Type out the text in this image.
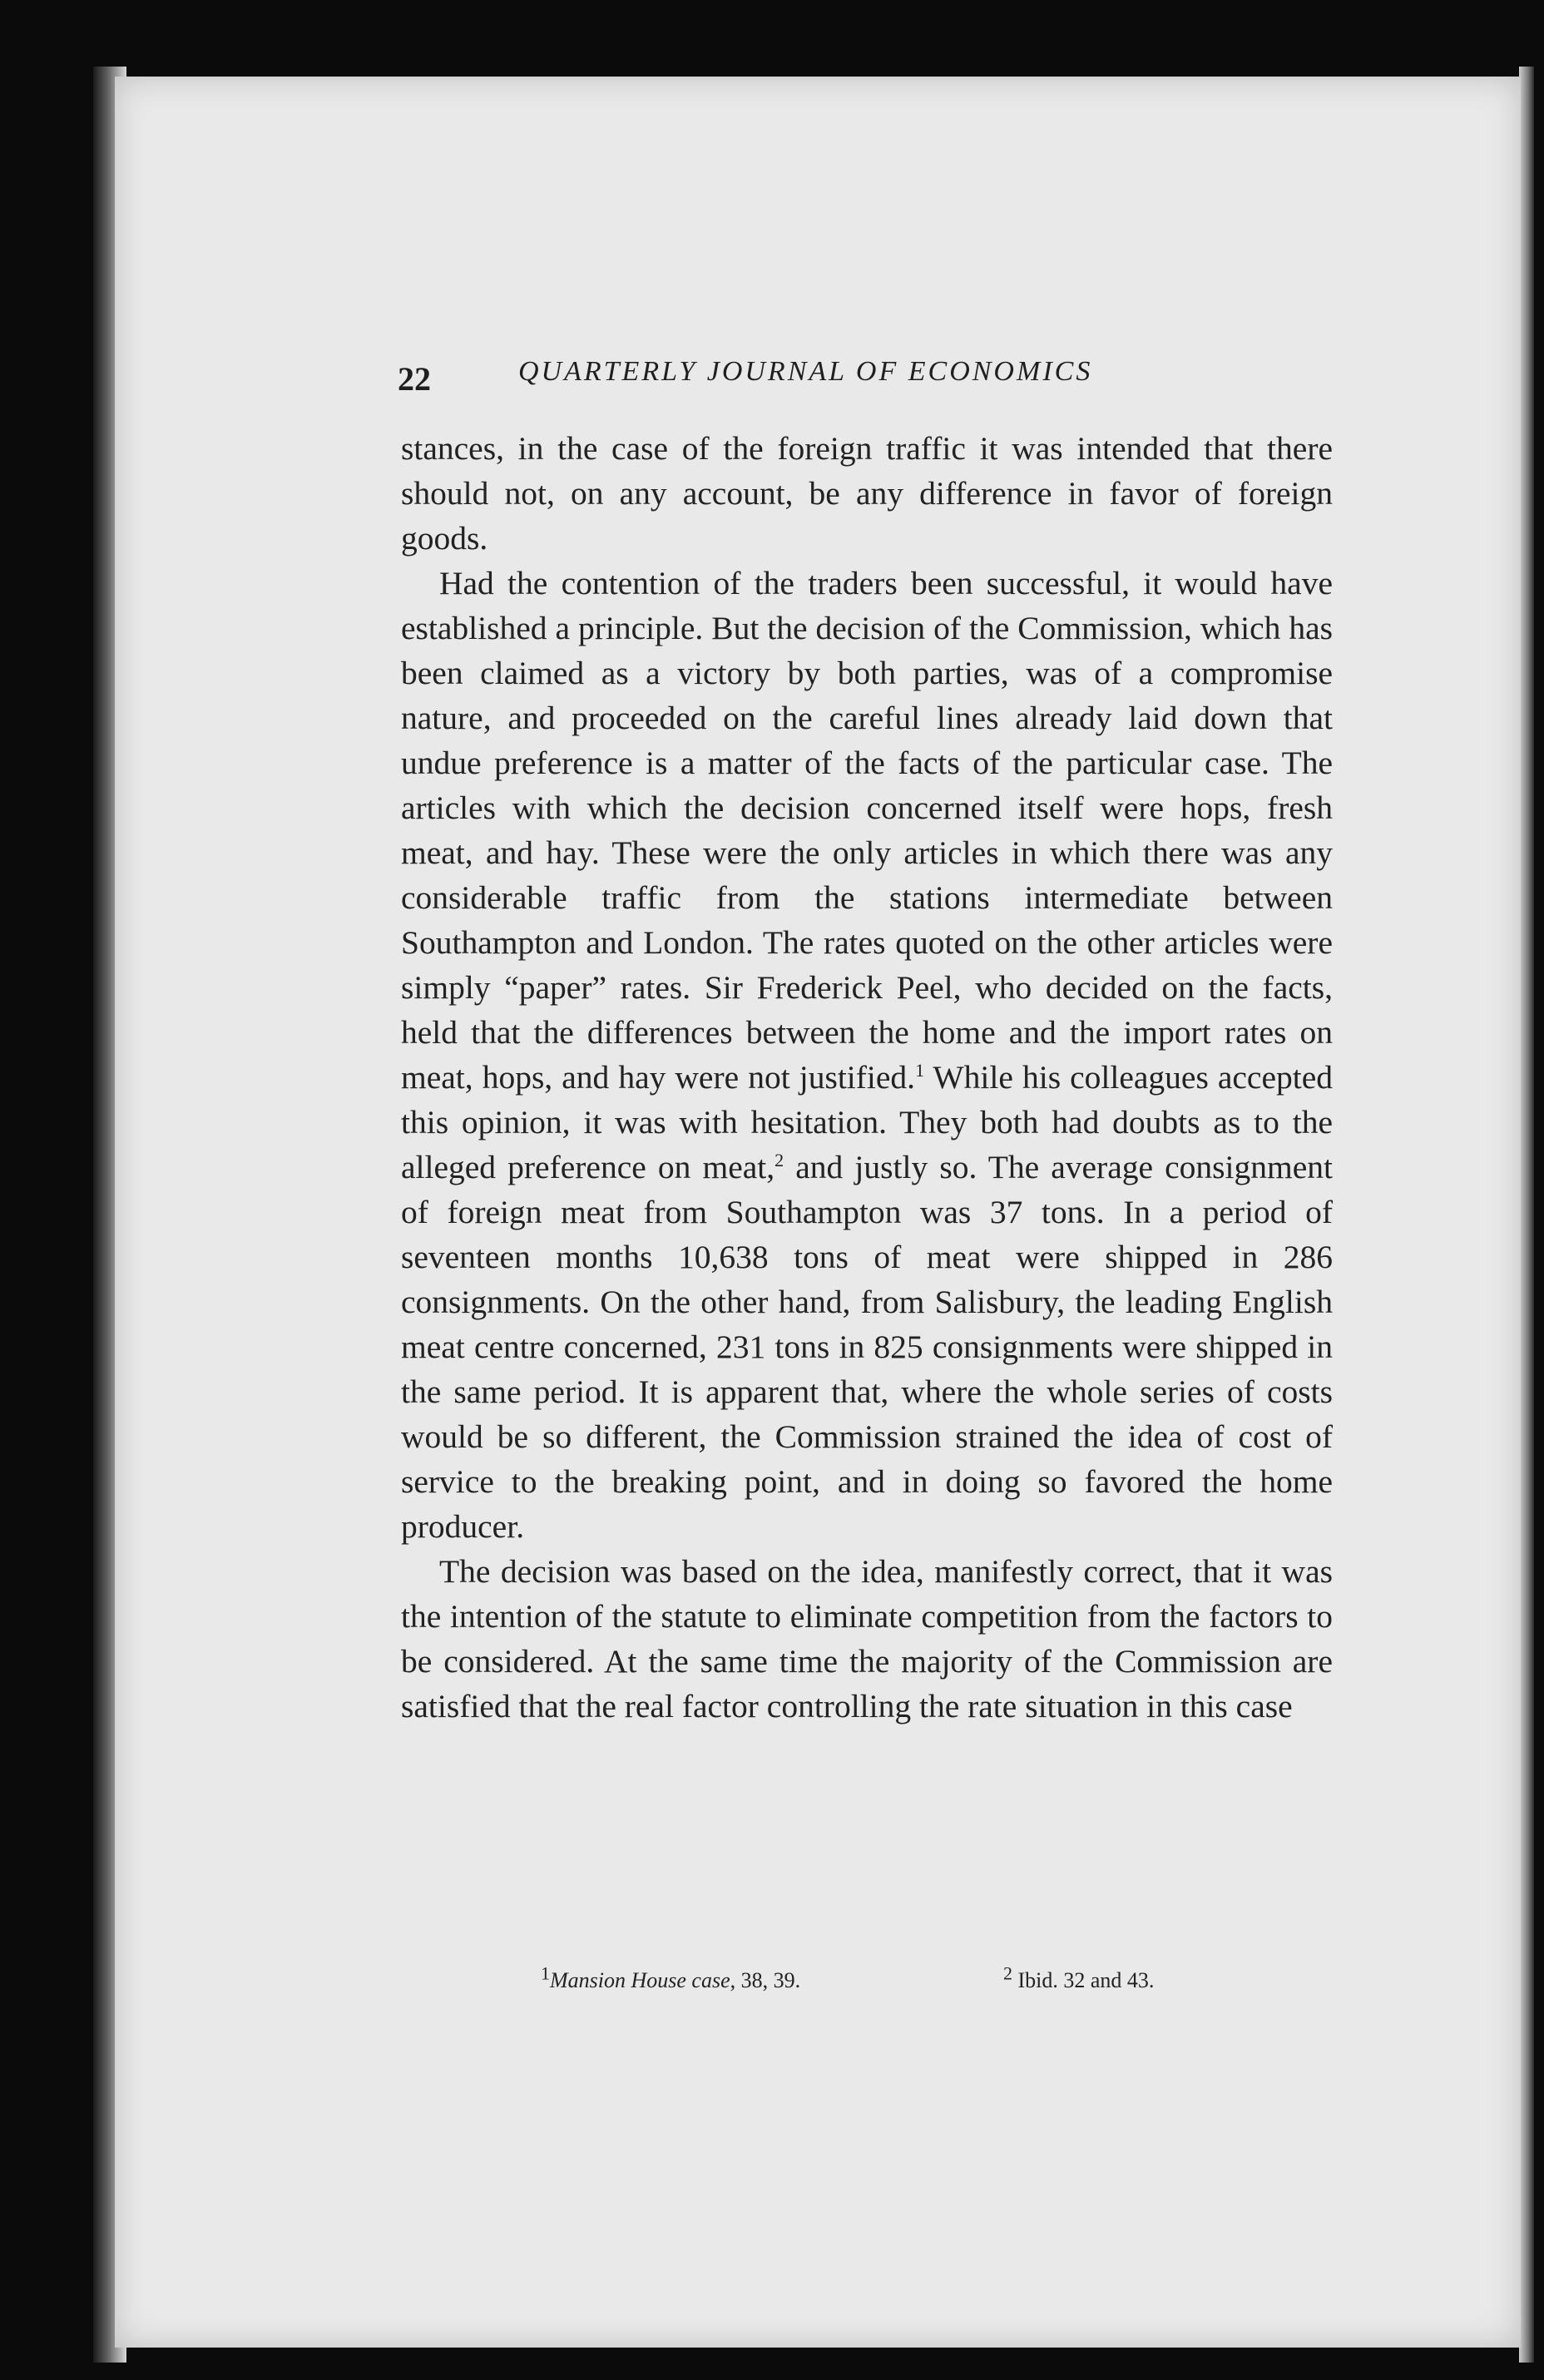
22	QUARTERLY JOURNAL OF ECONOMICS

stances, in the case of the foreign traffic it was intended that there should not, on any account, be any difference in favor of foreign goods.

Had the contention of the traders been successful, it would have established a principle. But the decision of the Commission, which has been claimed as a victory by both parties, was of a compromise nature, and proceeded on the careful lines already laid down that undue preference is a matter of the facts of the particular case. The articles with which the decision concerned itself were hops, fresh meat, and hay. These were the only articles in which there was any considerable traffic from the stations intermediate between Southampton and London. The rates quoted on the other articles were simply “paper” rates. Sir Frederick Peel, who decided on the facts, held that the differences between the home and the import rates on meat, hops, and hay were not justified.$^1$ While his colleagues accepted this opinion, it was with hesitation. They both had doubts as to the alleged preference on meat,$^2$ and justly so. The average consignment of foreign meat from Southampton was 37 tons. In a period of seventeen months 10,638 tons of meat were shipped in 286 consignments. On the other hand, from Salisbury, the leading English meat centre concerned, 231 tons in 825 consignments were shipped in the same period. It is apparent that, where the whole series of costs would be so different, the Commission strained the idea of cost of service to the breaking point, and in doing so favored the home producer.

The decision was based on the idea, manifestly correct, that it was the intention of the statute to eliminate competition from the factors to be considered. At the same time the majority of the Commission are satisfied that the real factor controlling the rate situation in this case

$^1$Mansion House case, 38, 39.	$^2$ Ibid. 32 and 43.
